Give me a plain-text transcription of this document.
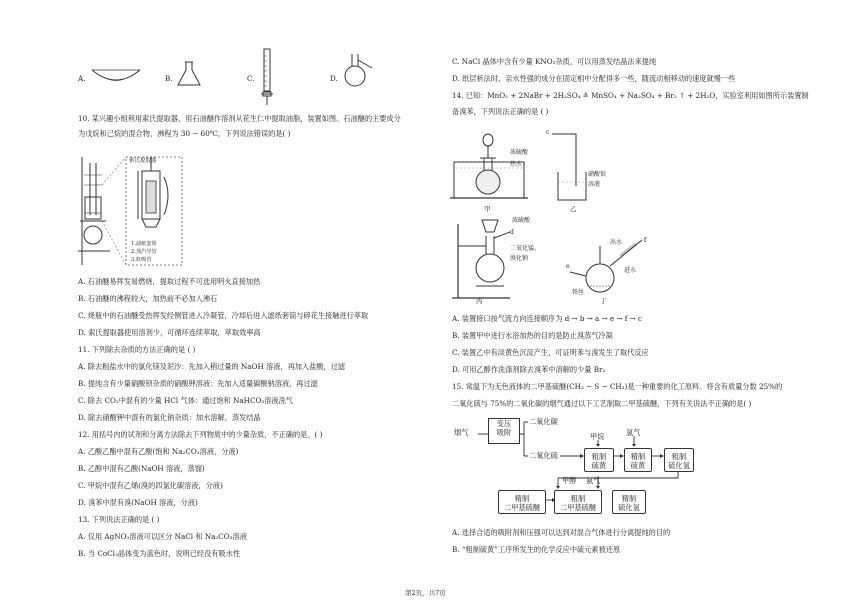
A.	B.	C.	D.
10. 某兴趣小组利用索氏提取器，用石油醚作溶剂从花生仁中提取油脂，装置如图。石油醚的主要成分
为戊烷和己烷的混合物，沸程为 30 − 60℃，下列说法错误的是( )
索氏提取器
1.滤纸套筒
2.蒸汽导管
3.虹吸管
A. 石油醚易挥发易燃烧，提取过程不可选用明火直接加热
B. 石油醚的沸程较大，加热前不必加入沸石
C. 烧瓶中的石油醚受热挥发经侧管进入冷凝管，冷却后进入滤纸套筒与碎花生接触进行萃取
D. 索氏提取器使用溶剂少，可循环连续萃取，萃取效率高
11. 下列除去杂质的方法正确的是 ( )
A. 除去粗盐水中的氯化镁及泥沙：先加入稍过量的 NaOH 溶液，再加入盐酸，过滤
B. 提纯含有少量硝酸钡杂质的硝酸钾溶液：先加入适量碳酸钠溶液，再过滤
C. 除去 CO₂中混有的少量 HCl 气体：通过饱和 NaHCO₃溶液洗气
D. 除去硝酸钾中混有的氯化钠杂质：加水溶解、蒸发结晶
12. 用括号内的试剂和分离方法除去下列物质中的少量杂质，不正确的是。( )
A. 乙酸乙酯中混有乙酸(饱和 Na₂CO₃溶液，分液)
B. 乙醇中混有乙酸(NaOH 溶液，蒸馏)
C. 甲烷中混有乙烯(溴的四氯化碳溶液，分液)
D. 溴苯中混有溴(NaOH 溶液，分液)
13. 下列说法正确的是 ( )
A. 仅用 AgNO₃溶液可以区分 NaCl 和 Na₂CO₃溶液
B. 当 CoCl₂晶体变为蓝色时，说明已经没有吸水性
C. NaCl 晶体中含有少量 KNO₃杂质，可以用蒸发结晶法来提纯
D. 纸层析法时，亲水性强的成分在固定相中分配得多一些，随流动相移动的速度就慢一些
14. 已知：MnO₂ + 2NaBr + 2H₂SO₄ ≜ MnSO₄ + Na₂SO₄ + Br₂ ↑ + 2H₂O，实验室利用如图所示装置制
备溴苯，下列说法正确的是 ( )
浓硫酸
热水
甲
c
硝酸银
溶液
乙
浓硫酸
d
二氧化锰、
溴化钠
丙
出水	f
进水
e
铁丝
丁
A. 装置接口按气流方向连接顺序为 d → b → a → e → f → c
B. 装置甲中进行水浴加热的目的是防止溴蒸气冷凝
C. 装置乙中有淡黄色沉淀产生，可证明苯与溴发生了取代反应
D. 可用乙醇作洗涤剂除去溴苯中溶解的少量 Br₂
15. 常温下为无色液体的二甲基硫醚(CH₃ − S − CH₃)是一种重要的化工原料。将含有质量分数 25%的
二氧化硫与 75%的二氧化碳的烟气通过以下工艺制取二甲基硫醚，下列有关说法不正确的是( )
烟气
变压
吸附
二氧化碳
二氧化硫
甲烷	氢气
粗制
硫黄
精制
硫黄
粗制
硫化氢
甲醇 氨气
精制
二甲基硫醚
粗制
二甲基硫醚
精制
硫化氢
A. 选择合适的吸附剂和压强可以达到对混合气体进行分离提纯的目的
B. “粗制硫黄”工序所发生的化学反应中硫元素被还原
第2页，共7页
